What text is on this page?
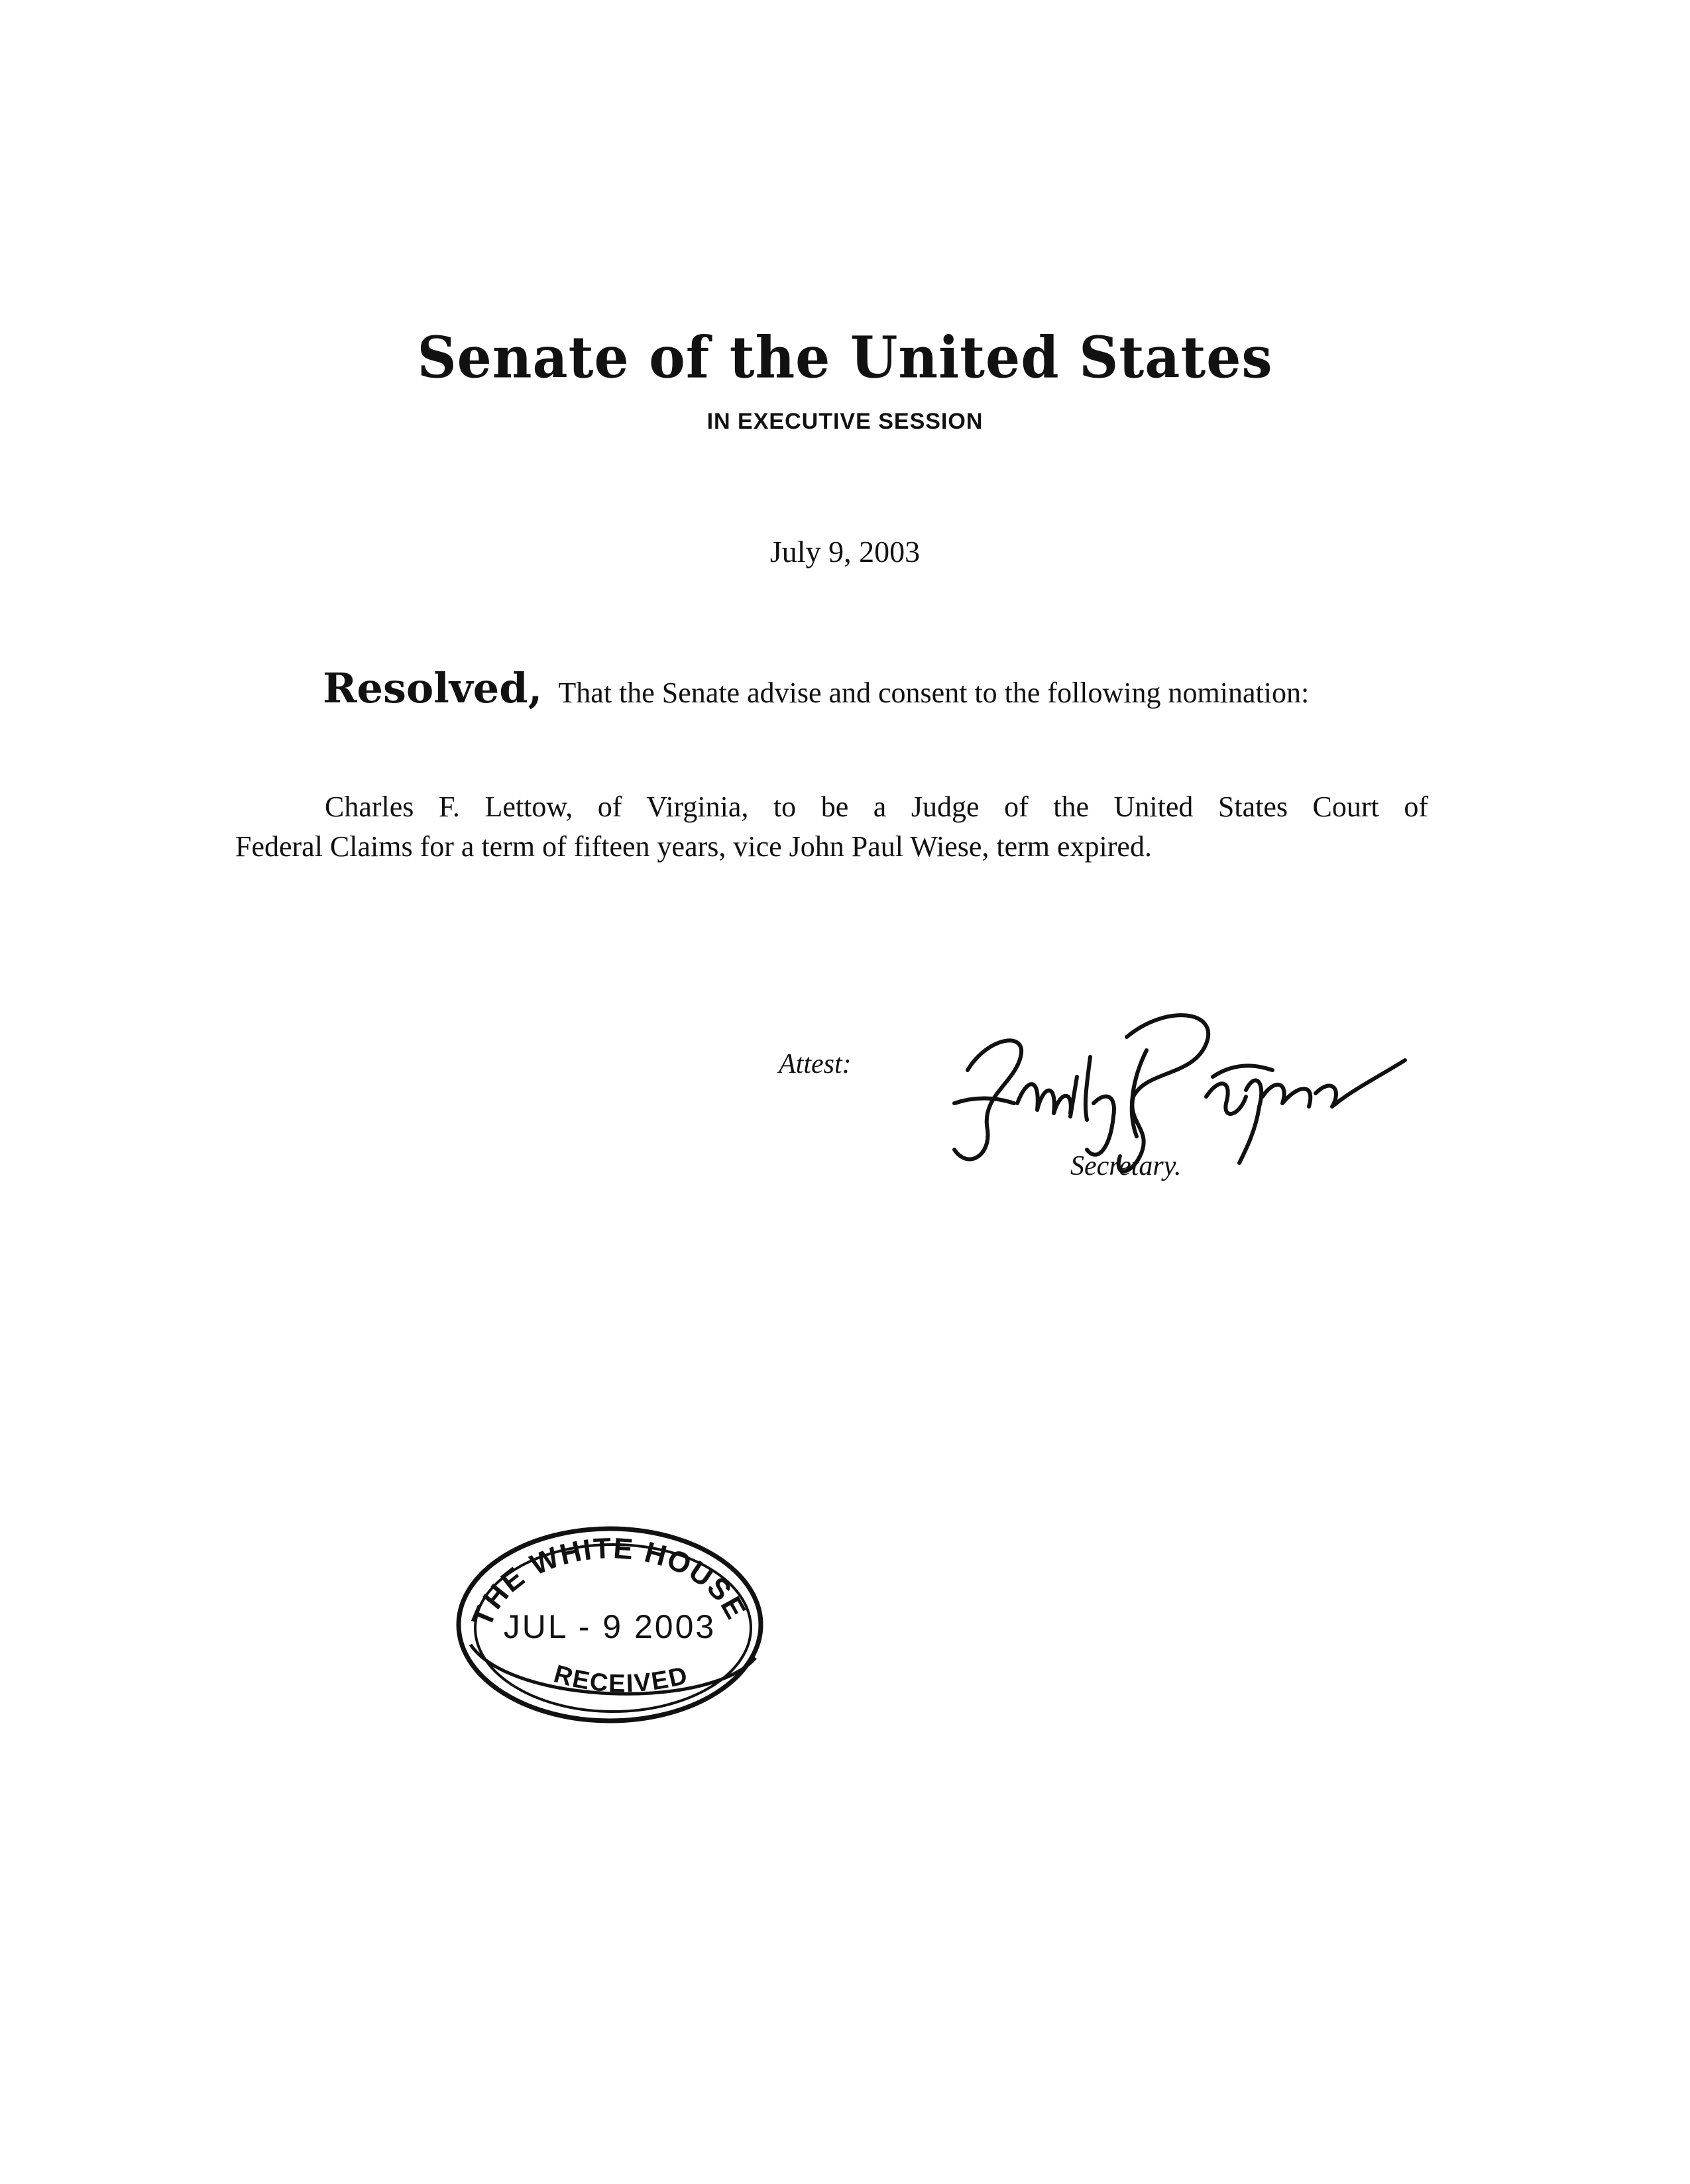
Senate of the United States
IN EXECUTIVE SESSION
July 9, 2003
Resolved, That the Senate advise and consent to the following nomination:
Charles F. Lettow, of Virginia, to be a Judge of the United States Court of
Federal Claims for a term of fifteen years, vice John Paul Wiese, term expired.
Attest:
Secretary.
THE WHITE HOUSE
JUL - 9 2003
RECEIVED
